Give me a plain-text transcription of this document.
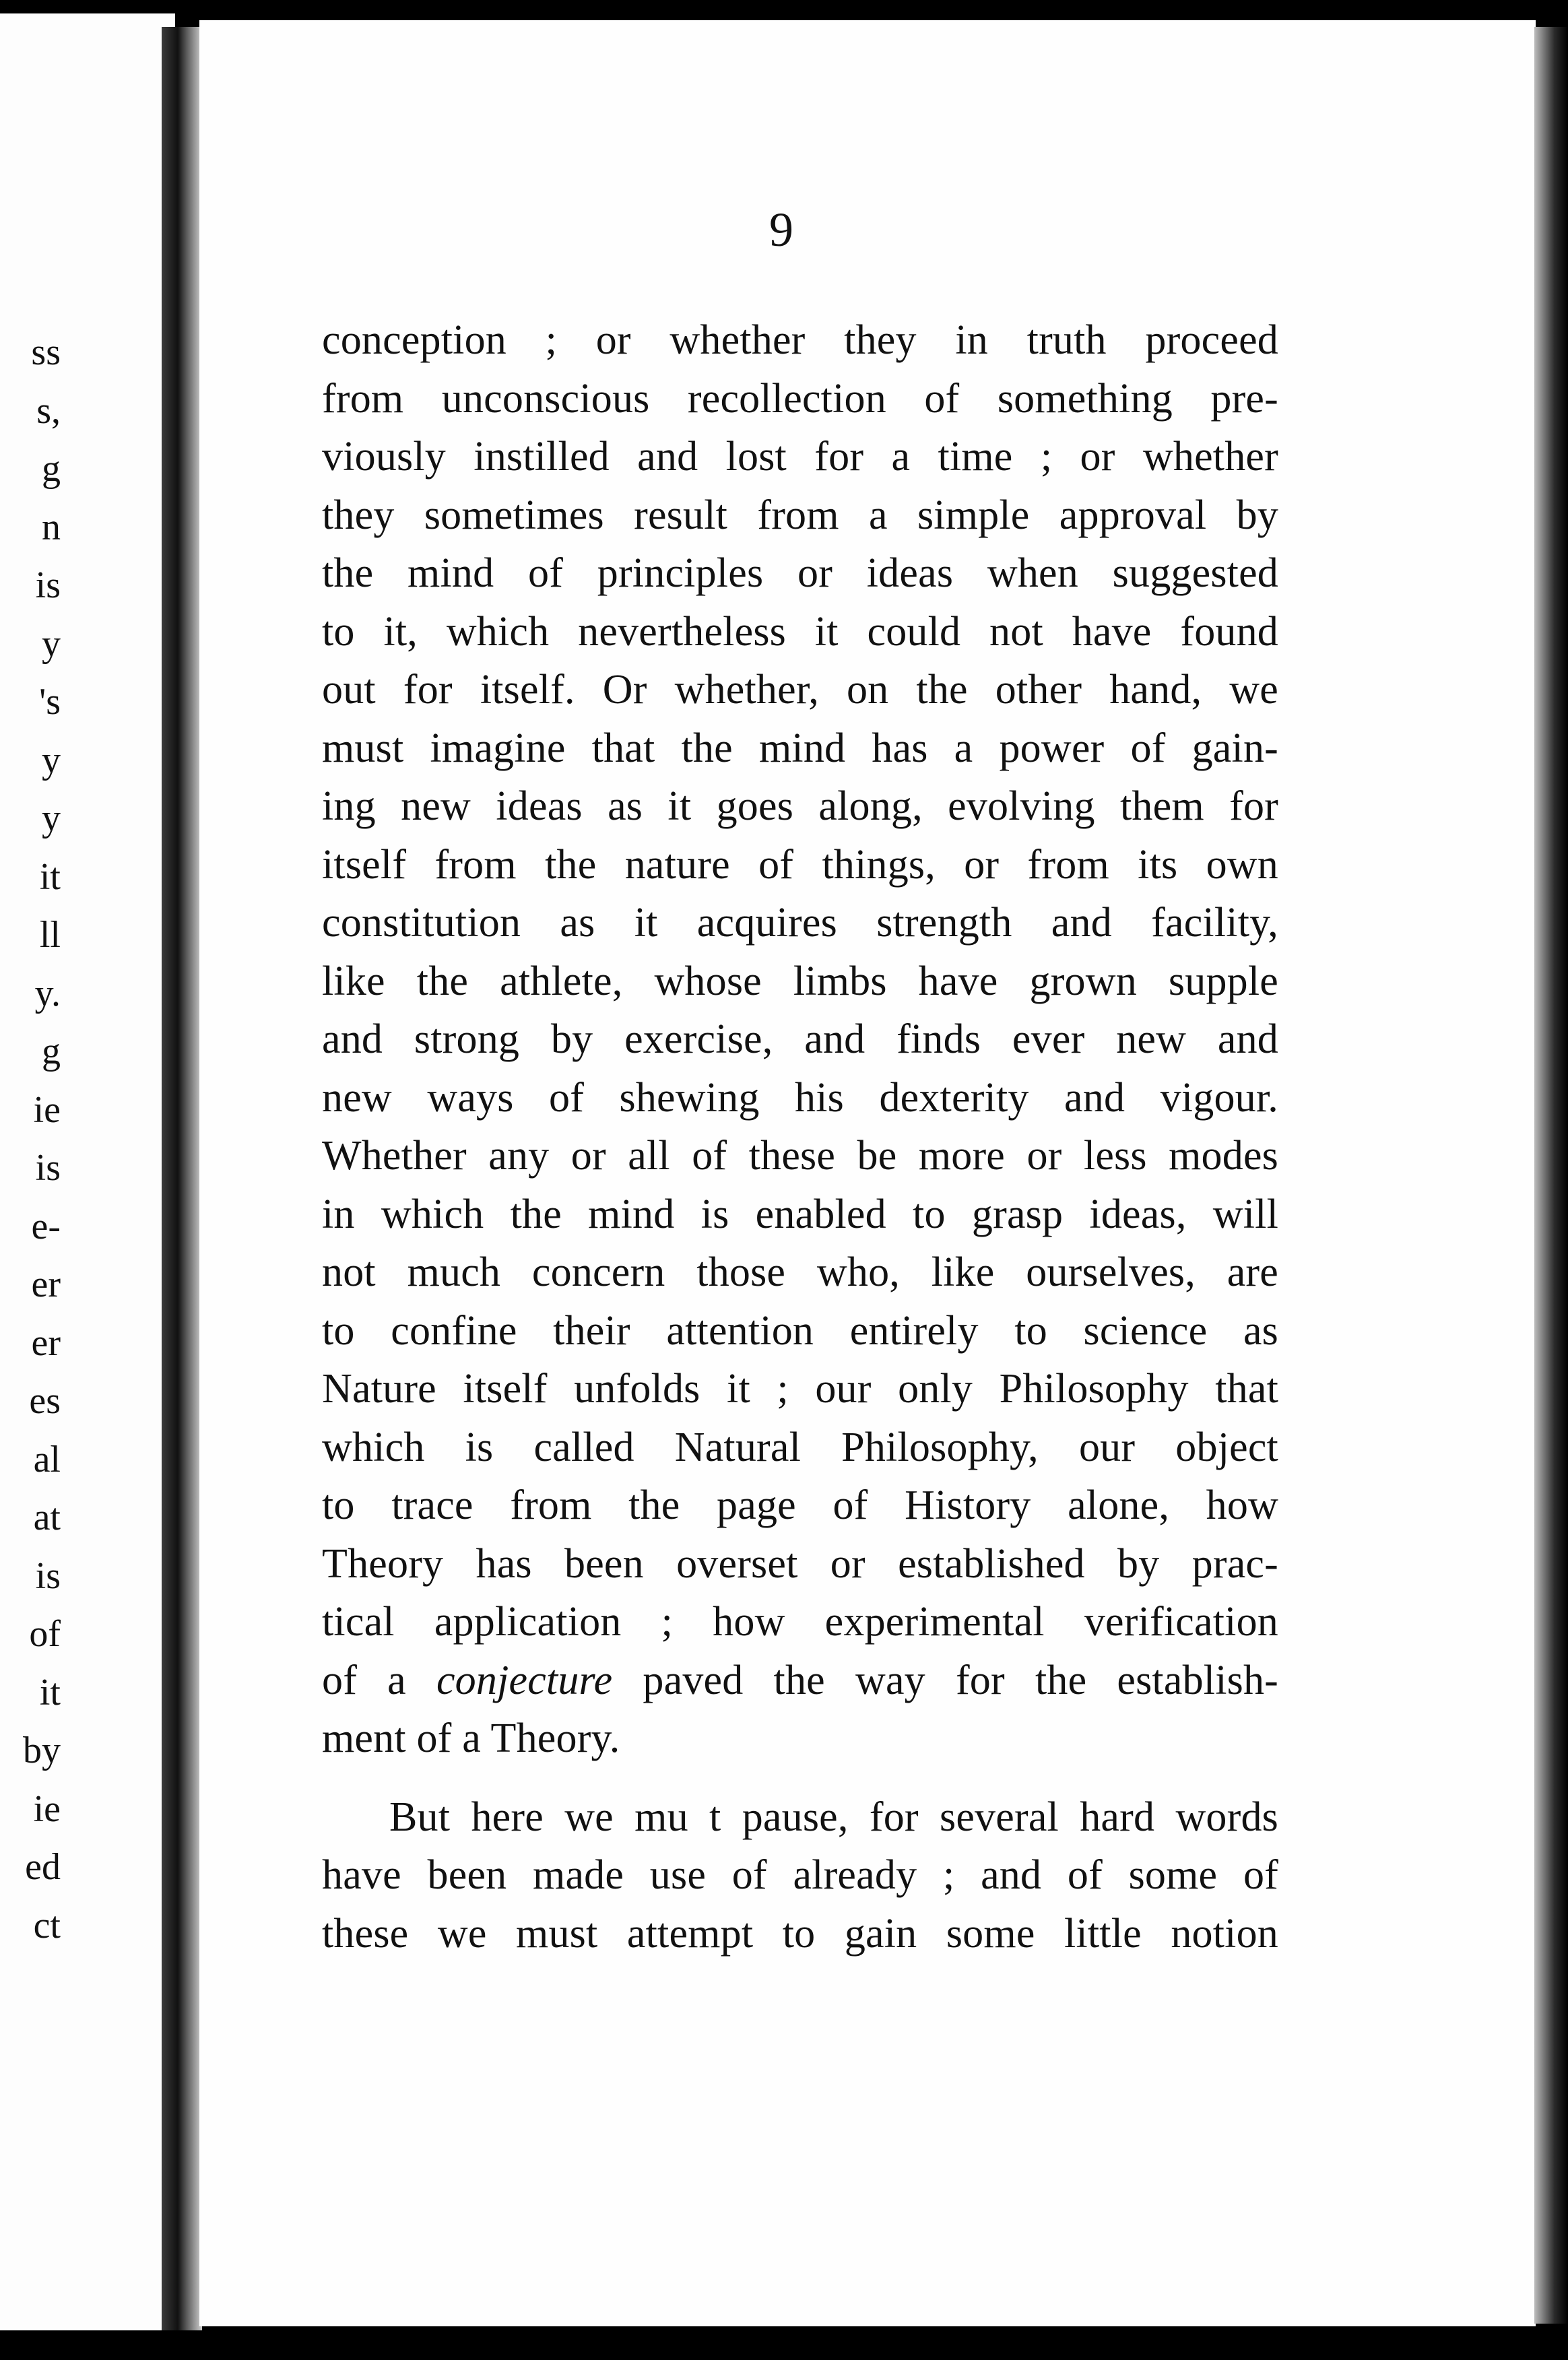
ss
s,
g
n
is
y
's
y
y
it
ll
y.
g
ie
is
e-
er
er
es
al
at
is
of
it
by
ie
ed
ct

9

conception ; or whether they in truth proceed
from unconscious recollection of something pre-
viously instilled and lost for a time ; or whether
they sometimes result from a simple approval by
the mind of principles or ideas when suggested
to it, which nevertheless it could not have found
out for itself. Or whether, on the other hand, we
must imagine that the mind has a power of gain-
ing new ideas as it goes along, evolving them for
itself from the nature of things, or from its own
constitution as it acquires strength and facility,
like the athlete, whose limbs have grown supple
and strong by exercise, and finds ever new and
new ways of shewing his dexterity and vigour.
Whether any or all of these be more or less modes
in which the mind is enabled to grasp ideas, will
not much concern those who, like ourselves, are
to confine their attention entirely to science as
Nature itself unfolds it ; our only Philosophy that
which is called Natural Philosophy, our object
to trace from the page of History alone, how
Theory has been overset or established by prac-
tical application ; how experimental verification
of a conjecture paved the way for the establish-
ment of a Theory.
But here we mu t pause, for several hard words
have been made use of already ; and of some of
these we must attempt to gain some little notion
